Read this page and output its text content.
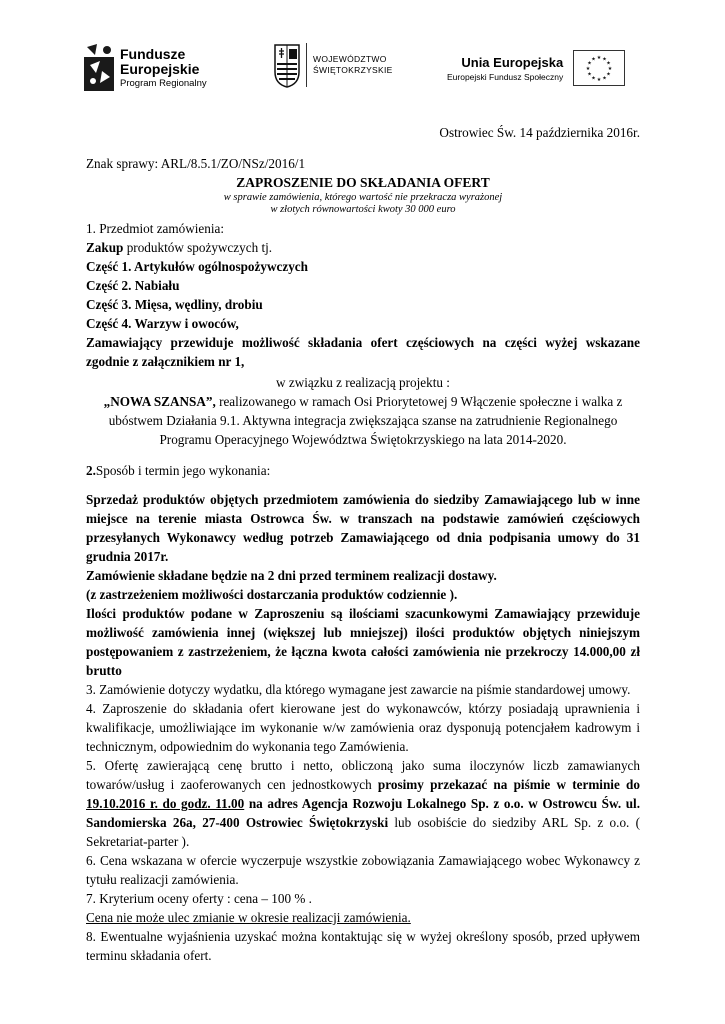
Fundusze
Europejskie
Program Regionalny
WOJEWÓDZTWO
ŚWIĘTOKRZYSKIE
Unia Europejska
Europejski Fundusz Społeczny
★ ★
★
★
★
★
★
★
★
★
★
★

Ostrowiec Św. 14 października 2016r.

Znak sprawy: ARL/8.5.1/ZO/NSz/2016/1

ZAPROSZENIE DO SKŁADANIA OFERT

w sprawie zamówienia, którego wartość nie przekracza wyrażonej

w złotych równowartości kwoty 30 000 euro

1. Przedmiot zamówienia:

Zakup produktów spożywczych tj.

Część 1. Artykułów ogólnospożywczych

Część 2. Nabiału

Część 3. Mięsa, wędliny, drobiu

Część 4. Warzyw i owoców,

Zamawiający przewiduje możliwość składania ofert częściowych na części wyżej wskazane zgodnie z załącznikiem nr 1,

w związku z realizacją projektu :

„NOWA SZANSA”, realizowanego w ramach Osi Priorytetowej 9 Włączenie społeczne i walka z ubóstwem Działania 9.1. Aktywna integracja zwiększająca szanse na zatrudnienie Regionalnego Programu Operacyjnego Województwa Świętokrzyskiego na lata 2014-2020.

2.Sposób i termin jego wykonania:

Sprzedaż produktów objętych przedmiotem zamówienia do siedziby Zamawiającego lub w inne miejsce na terenie miasta Ostrowca Św. w transzach na podstawie zamówień częściowych przesyłanych Wykonawcy według potrzeb Zamawiającego od dnia podpisania umowy do 31 grudnia 2017r.

Zamówienie składane będzie na 2 dni przed terminem realizacji dostawy.

(z zastrzeżeniem możliwości dostarczania produktów codziennie ).

Ilości produktów podane w Zaproszeniu są ilościami szacunkowymi Zamawiający przewiduje możliwość zamówienia innej (większej lub mniejszej) ilości produktów objętych niniejszym postępowaniem z zastrzeżeniem, że łączna kwota całości zamówienia nie przekroczy 14.000,00 zł brutto

3. Zamówienie dotyczy wydatku, dla którego wymagane jest zawarcie na piśmie standardowej umowy.

4. Zaproszenie do składania ofert kierowane jest do wykonawców, którzy posiadają uprawnienia i kwalifikacje, umożliwiające im wykonanie w/w zamówienia oraz dysponują potencjałem kadrowym i technicznym, odpowiednim do wykonania tego Zamówienia.

5. Ofertę zawierającą cenę brutto i netto, obliczoną jako suma iloczynów liczb zamawianych towarów/usług i zaoferowanych cen jednostkowych prosimy przekazać na piśmie w terminie do 19.10.2016 r. do godz. 11.00 na adres Agencja Rozwoju Lokalnego Sp. z o.o. w Ostrowcu Św. ul. Sandomierska 26a, 27-400 Ostrowiec Świętokrzyski lub osobiście do siedziby ARL Sp. z o.o. ( Sekretariat-parter ).

6. Cena wskazana w ofercie wyczerpuje wszystkie zobowiązania Zamawiającego wobec Wykonawcy z tytułu realizacji zamówienia.

7. Kryterium oceny oferty : cena – 100 % .

Cena nie może ulec zmianie w okresie realizacji zamówienia.

8. Ewentualne wyjaśnienia uzyskać można kontaktując się w wyżej określony sposób, przed upływem terminu składania ofert.
